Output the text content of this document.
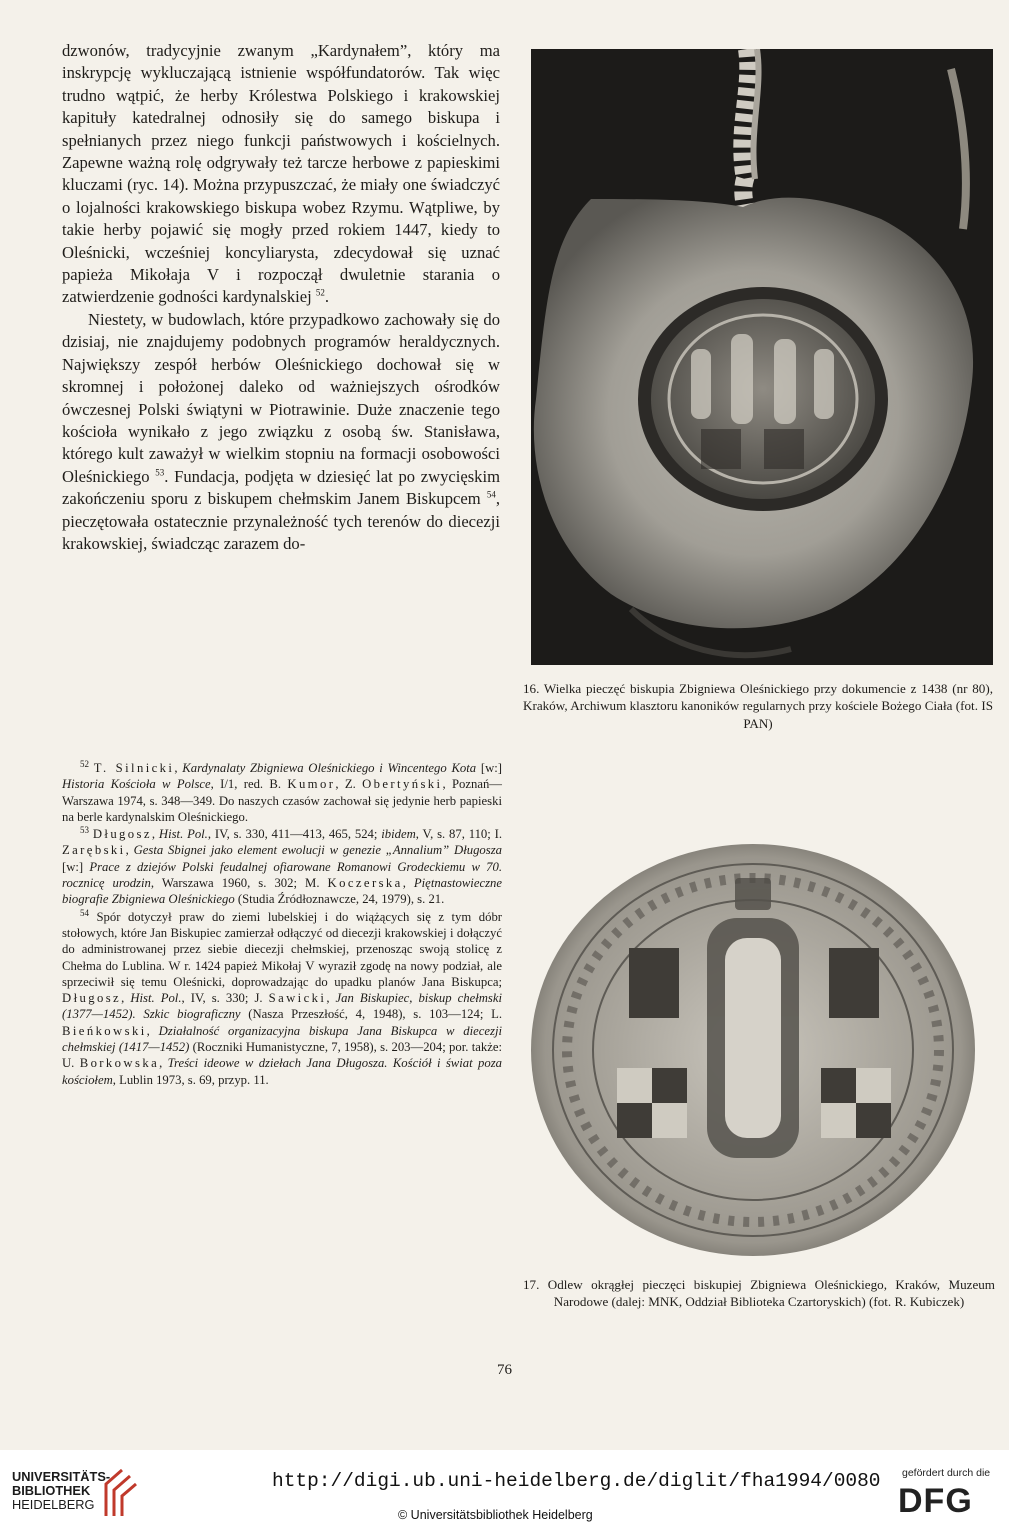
dzwonów, tradycyjnie zwanym „Kardynałem”, który ma inskrypcję wykluczającą istnienie współfundatorów. Tak więc trudno wątpić, że herby Królestwa Polskiego i krakowskiej kapituły katedralnej odnosiły się do samego biskupa i spełnianych przez niego funkcji państwowych i kościelnych. Zapewne ważną rolę odgrywały też tarcze herbowe z papieskimi kluczami (ryc. 14). Można przypuszczać, że miały one świadczyć o lojalności krakowskiego biskupa wobez Rzymu. Wątpliwe, by takie herby pojawić się mogły przed rokiem 1447, kiedy to Oleśnicki, wcześniej koncyliarysta, zdecydował się uznać papieża Mikołaja V i rozpoczął dwuletnie starania o zatwierdzenie godności kardynalskiej $^{52}$.

Niestety, w budowlach, które przypadkowo zachowały się do dzisiaj, nie znajdujemy podobnych programów heraldycznych. Największy zespół herbów Oleśnickiego dochował się w skromnej i położonej daleko od ważniejszych ośrodków ówczesnej Polski świątyni w Piotrawinie. Duże znaczenie tego kościoła wynikało z jego związku z osobą św. Stanisława, którego kult zaważył w wielkim stopniu na formacji osobowości Oleśnickiego $^{53}$. Fundacja, podjęta w dziesięć lat po zwycięskim zakończeniu sporu z biskupem chełmskim Janem Biskupcem $^{54}$, pieczętowała ostatecznie przynależność tych terenów do diecezji krakowskiej, świadcząc zarazem do-

$^{52}$ T. Silnicki, Kardynalaty Zbigniewa Oleśnickiego i Wincentego Kota [w:] Historia Kościoła w Polsce, I/1, red. B. Kumor, Z. Obertyński, Poznań—Warszawa 1974, s. 348—349. Do naszych czasów zachował się jedynie herb papieski na berle kardynalskim Oleśnickiego.

$^{53}$ Długosz, Hist. Pol., IV, s. 330, 411—413, 465, 524; ibidem, V, s. 87, 110; I. Zarębski, Gesta Sbignei jako element ewolucji w genezie „Annalium” Długosza [w:] Prace z dziejów Polski feudalnej ofiarowane Romanowi Grodeckiemu w 70. rocznicę urodzin, Warszawa 1960, s. 302; M. Koczerska, Piętnastowieczne biografie Zbigniewa Oleśnickiego (Studia Źródłoznawcze, 24, 1979), s. 21.

$^{54}$ Spór dotyczył praw do ziemi lubelskiej i do wiążących się z tym dóbr stołowych, które Jan Biskupiec zamierzał odłączyć od diecezji krakowskiej i dołączyć do administrowanej przez siebie diecezji chełmskiej, przenosząc swoją stolicę z Chełma do Lublina. W r. 1424 papież Mikołaj V wyraził zgodę na nowy podział, ale sprzeciwił się temu Oleśnicki, doprowadzając do upadku planów Jana Biskupca; Długosz, Hist. Pol., IV, s. 330; J. Sawicki, Jan Biskupiec, biskup chełmski (1377—1452). Szkic biograficzny (Nasza Przeszłość, 4, 1948), s. 103—124; L. Bieńkowski, Działalność organizacyjna biskupa Jana Biskupca w diecezji chełmskiej (1417—1452) (Roczniki Humanistyczne, 7, 1958), s. 203—204; por. także: U. Borkowska, Treści ideowe w dziełach Jana Długosza. Kościół i świat poza kościołem, Lublin 1973, s. 69, przyp. 11.

16. Wielka pieczęć biskupia Zbigniewa Oleśnickiego przy dokumencie z 1438 (nr 80), Kraków, Archiwum klasztoru kanoników regularnych przy kościele Bożego Ciała (fot. IS PAN)

17. Odlew okrągłej pieczęci biskupiej Zbigniewa Oleśnickiego, Kraków, Muzeum Narodowe (dalej: MNK, Oddział Biblioteka Czartoryskich) (fot. R. Kubiczek)

76
UNIVERSITÄTS-
BIBLIOTHEK
HEIDELBERG
http://digi.ub.uni-heidelberg.de/diglit/fha1994/0080
© Universitätsbibliothek Heidelberg
gefördert durch die
DFG
